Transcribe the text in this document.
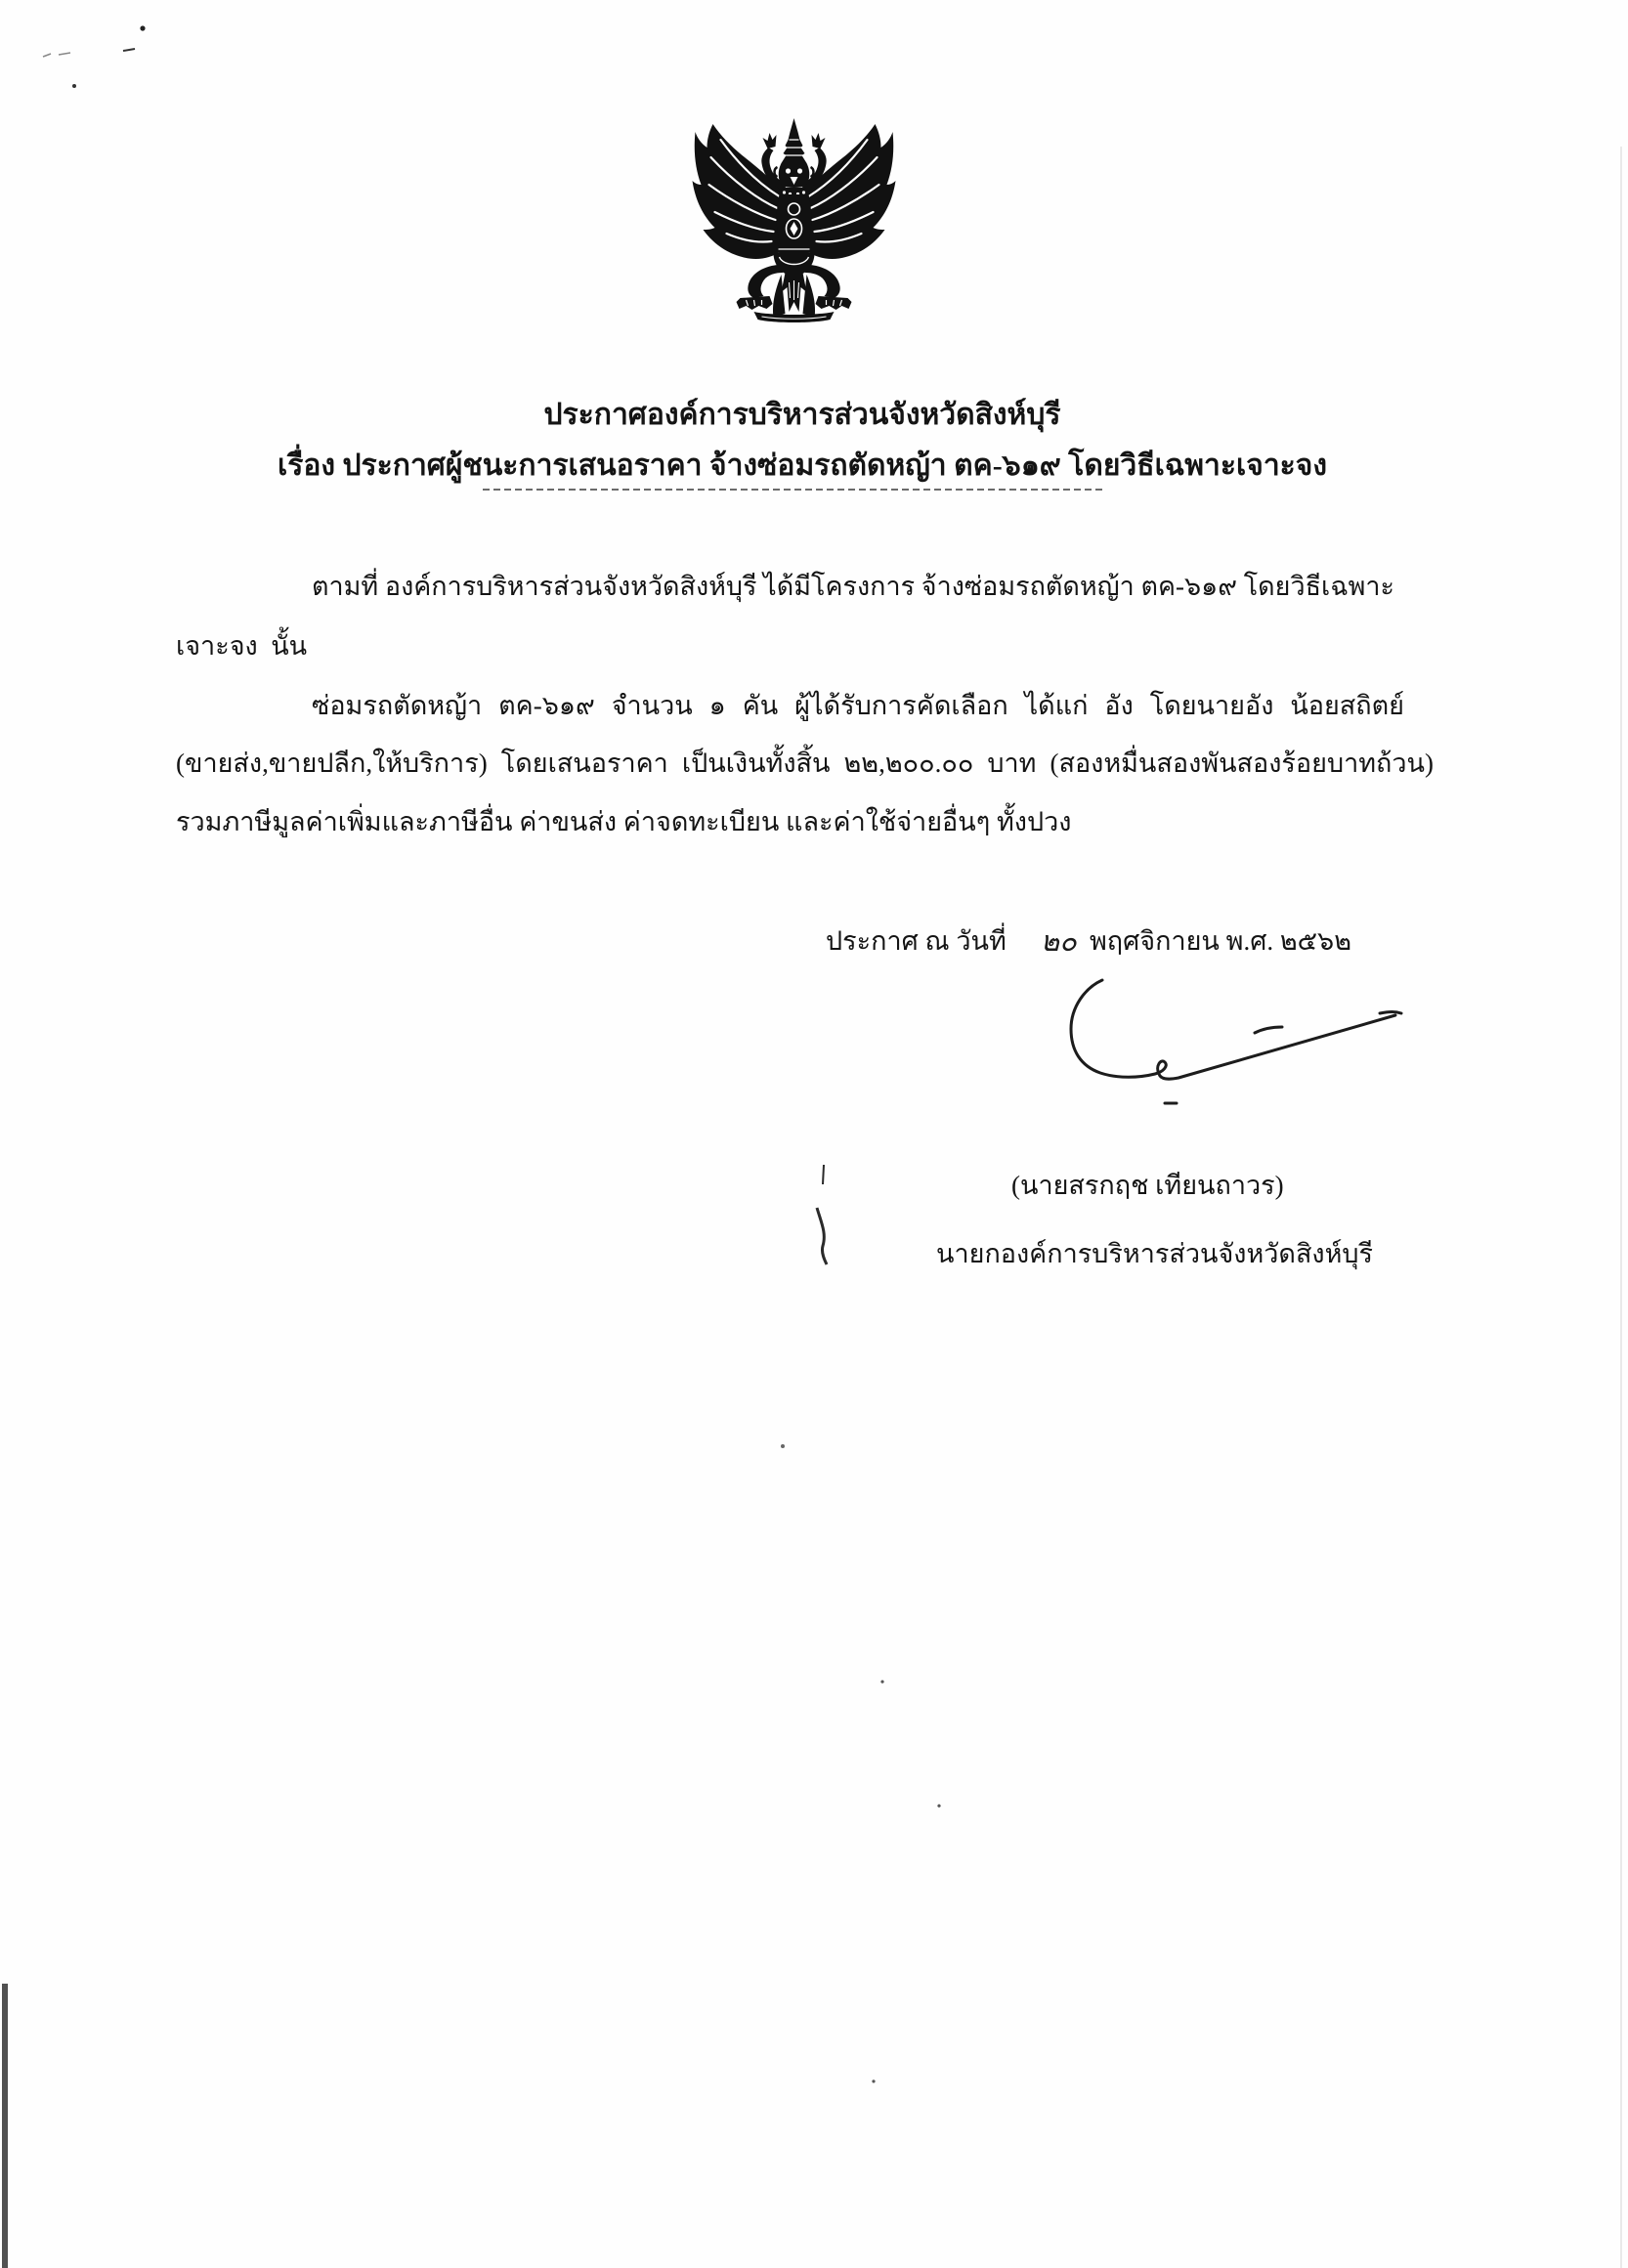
ประกาศองค์การบริหารส่วนจังหวัดสิงห์บุรี

เรื่อง ประกาศผู้ชนะการเสนอราคา จ้างซ่อมรถตัดหญ้า ตค-๖๑๙ โดยวิธีเฉพาะเจาะจง

ตามที่ องค์การบริหารส่วนจังหวัดสิงห์บุรี ได้มีโครงการ จ้างซ่อมรถตัดหญ้า ตค-๖๑๙ โดยวิธีเฉพาะ

เจาะจง  นั้น

ซ่อมรถตัดหญ้า ตค-๖๑๙ จำนวน ๑ คัน ผู้ได้รับการคัดเลือก ได้แก่ อัง โดยนายอัง น้อยสถิตย์

(ขายส่ง,ขายปลีก,ให้บริการ) โดยเสนอราคา เป็นเงินทั้งสิ้น ๒๒,๒๐๐.๐๐ บาท (สองหมื่นสองพันสองร้อยบาทถ้วน)

รวมภาษีมูลค่าเพิ่มและภาษีอื่น ค่าขนส่ง ค่าจดทะเบียน และค่าใช้จ่ายอื่นๆ ทั้งปวง

ประกาศ ณ วันที่
	๒๐
พฤศจิกายน พ.ศ. ๒๕๖๒

(นายสรกฤช เทียนถาวร)

นายกองค์การบริหารส่วนจังหวัดสิงห์บุรี
